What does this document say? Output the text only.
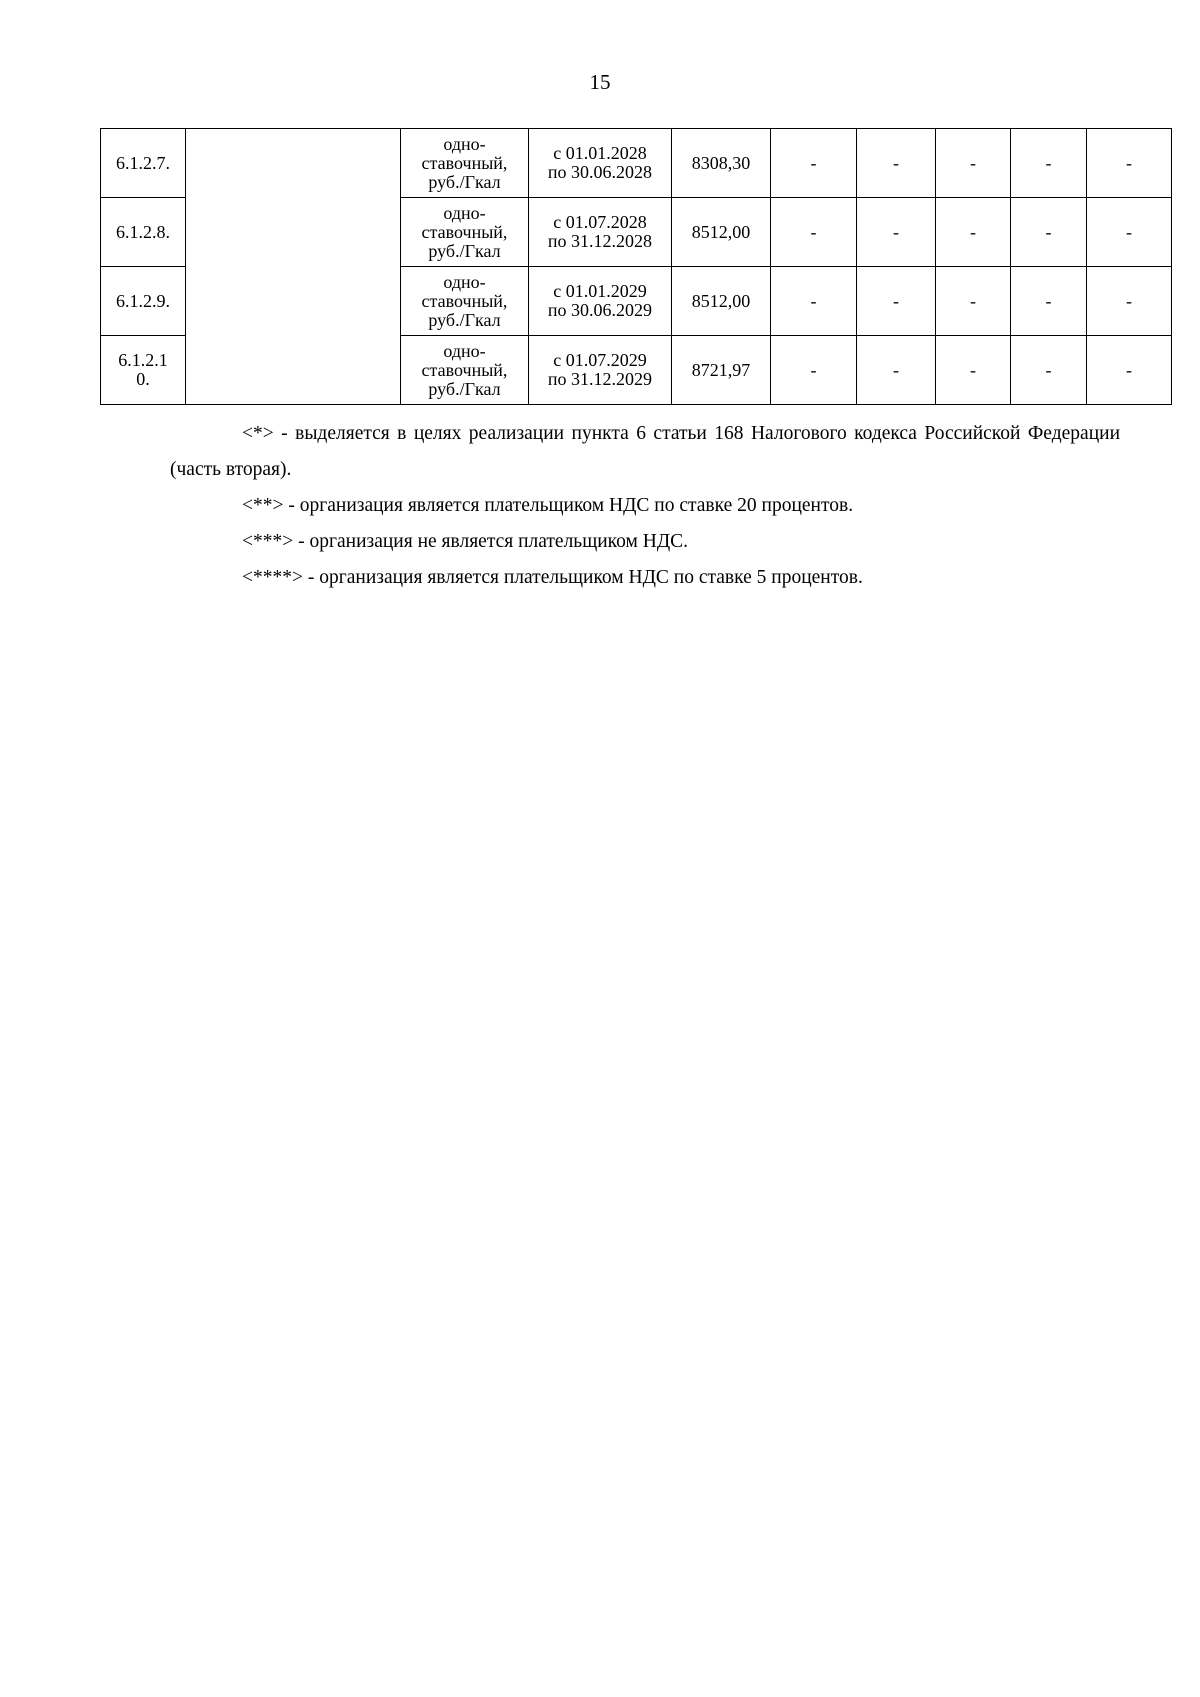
15
6.1.2.7.		одно-
ставочный,
руб./Гкал	с 01.01.2028
по 30.06.2028	8308,30	-	-	-	-	-
6.1.2.8.		одно-
ставочный,
руб./Гкал	с 01.07.2028
по 31.12.2028	8512,00	-	-	-	-	-
6.1.2.9.		одно-
ставочный,
руб./Гкал	с 01.01.2029
по 30.06.2029	8512,00	-	-	-	-	-

6.1.2.1
0.		одно-
ставочный,
руб./Гкал	с 01.07.2029
по 31.12.2029	8721,97	-	-	-	-	-

<*> - выделяется в целях реализации пункта 6 статьи 168 Налогового кодекса Российской Федерации (часть вторая).

<**> - организация является плательщиком НДС по ставке 20 процентов.

<***> - организация не является плательщиком НДС.

<****> - организация является плательщиком НДС по ставке 5 процентов.
